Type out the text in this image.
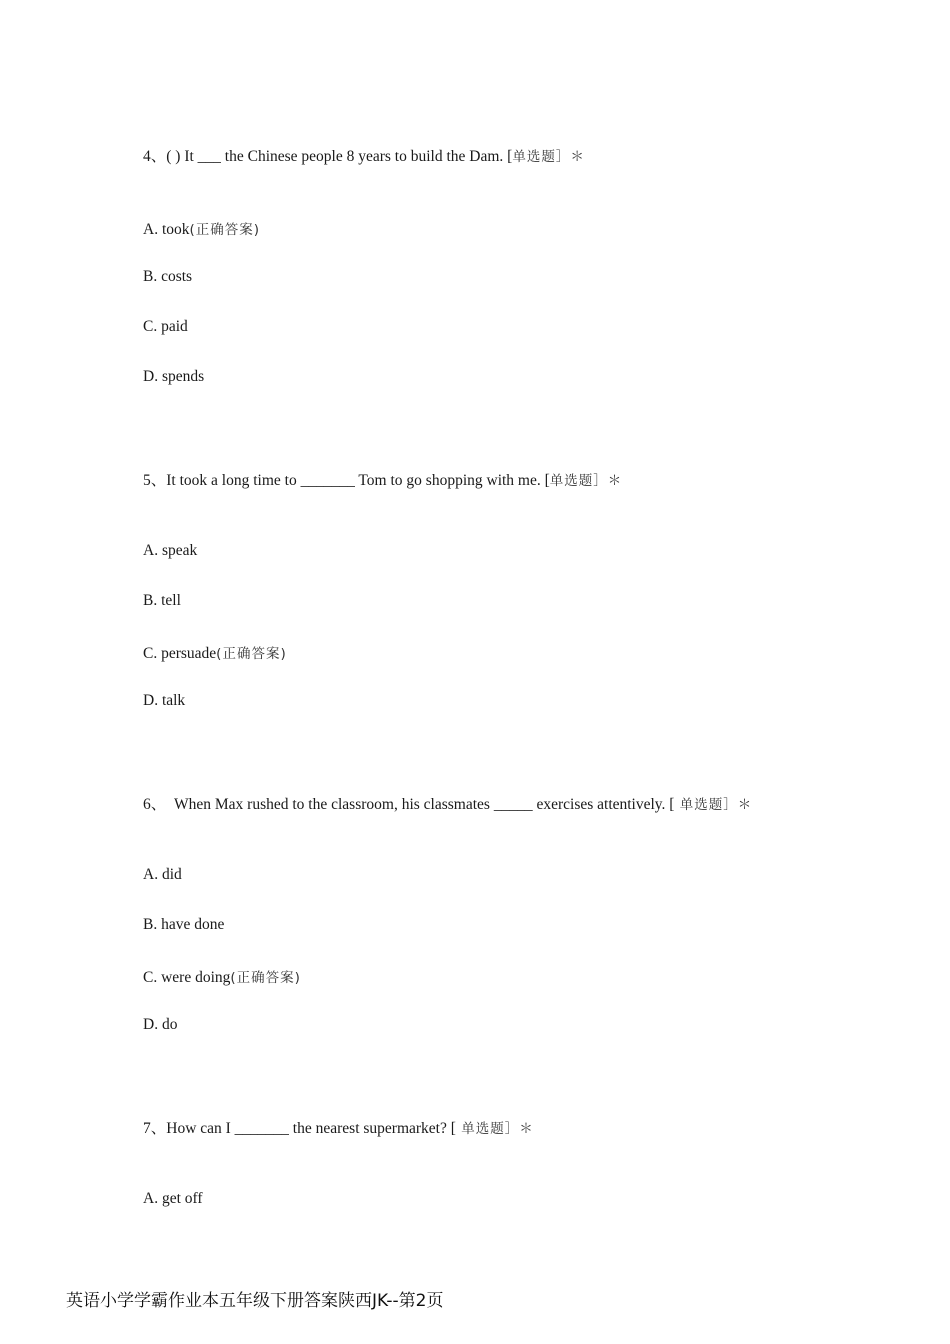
4、( ) It ___ the Chinese people 8 years to build the Dam. [单选题］＊
A. took(正确答案)
B. costs
C. paid
D. spends
5、It took a long time to _______ Tom to go shopping with me. [单选题］＊
A. speak
B. tell
C. persuade(正确答案)
D. talk
6、  When Max rushed to the classroom, his classmates _____ exercises attentively. [ 单选题］＊
A. did
B. have done
C. were doing(正确答案)
D. do
7、How can I _______ the nearest supermarket? [ 单选题］＊
A. get off
英语小学学霸作业本五年级下册答案陕西JK--第2页
